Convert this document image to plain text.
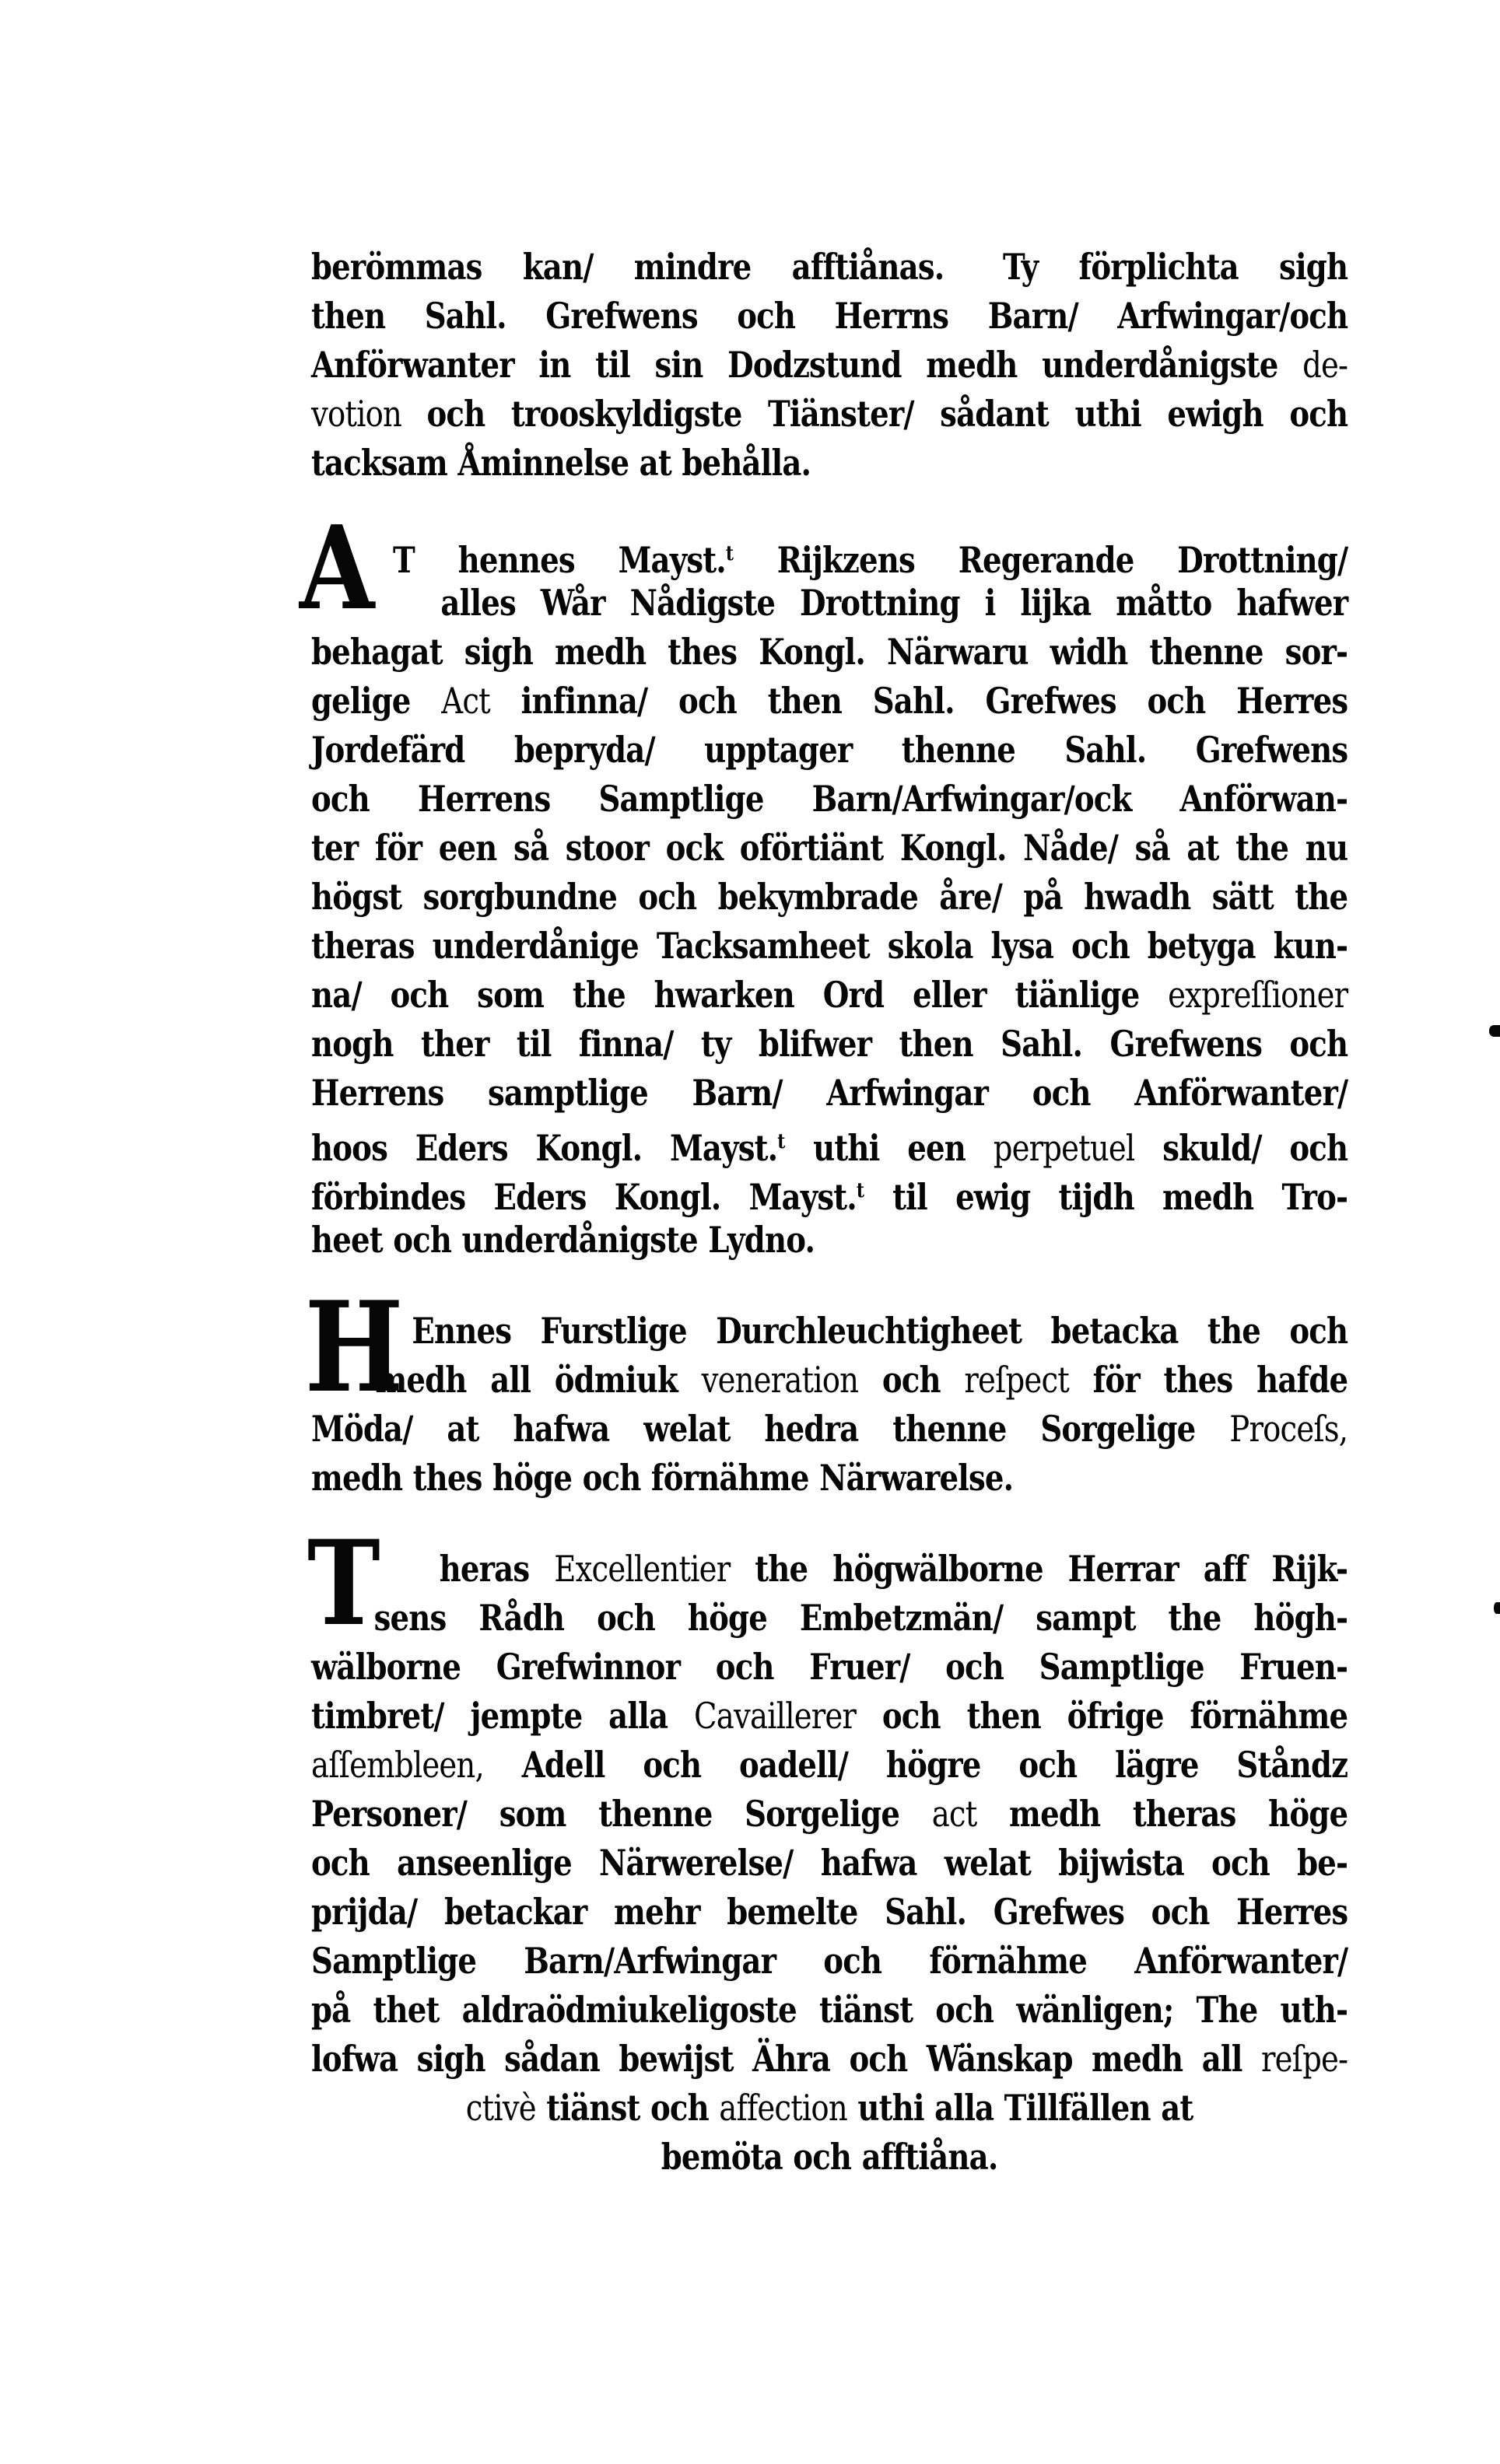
berömmas kan/ mindre afftiånas.  Ty förplichta sigh
then Sahl. Grefwens och Herrns Barn/ Arfwingar/och
Anförwanter in til sin Dodzstund medh underdånigste de-
votion och trooskyldigste Tiänster/ sådant uthi ewigh och
tacksam Åminnelse at behålla.
A T hennes Mayst.$^t$ Rijkzens Regerande Drottning/
alles Wår Nådigste Drottning i lijka måtto hafwer
behagat sigh medh thes Kongl. Närwaru widh thenne sor-
gelige Act infinna/ och then Sahl. Grefwes och Herres
Jordefärd bepryda/ upptager thenne Sahl. Grefwens
och Herrens Samptlige Barn/Arfwingar/ock Anförwan-
ter för een så stoor ock oförtiänt Kongl. Nåde/ så at the nu
högst sorgbundne och bekymbrade åre/ på hwadh sätt the
theras underdånige Tacksamheet skola lysa och betyga kun-
na/ och som the hwarken Ord eller tiänlige expreſſioner
nogh ther til finna/ ty blifwer then Sahl. Grefwens och
Herrens samptlige Barn/ Arfwingar och Anförwanter/
hoos Eders Kongl. Mayst.$^t$ uthi een perpetuel skuld/ och
förbindes Eders Kongl. Mayst.$^t$ til ewig tijdh medh Tro-
heet och underdånigste Lydno.
H Ennes Furstlige Durchleuchtigheet betacka the och
medh all ödmiuk veneration och reſpect för thes hafde
Möda/ at hafwa welat hedra thenne Sorgelige Proceſs,
medh thes höge och förnähme Närwarelse.
T	heras Excellentier the högwälborne Herrar aff Rijk-
sens Rådh och höge Embetzmän/ sampt the högh-
wälborne Grefwinnor och Fruer/ och Samptlige Fruen-
timbret/ jempte alla Cavaillerer och then öfrige förnähme
aſſembleen, Adell och oadell/ högre och lägre Ståndz
Personer/ som thenne Sorgelige act medh theras höge
och anseenlige Närwerelse/ hafwa welat bijwista och be-
prijda/ betackar mehr bemelte Sahl. Grefwes och Herres
Samptlige Barn/Arfwingar och förnähme Anförwanter/
på thet aldraödmiukeligoste tiänst och wänligen; The uth-
lofwa sigh sådan bewijst Ähra och Wänskap medh all reſpe-
ctivè tiänst och affection uthi alla Tillfällen at
bemöta och afftiåna.
